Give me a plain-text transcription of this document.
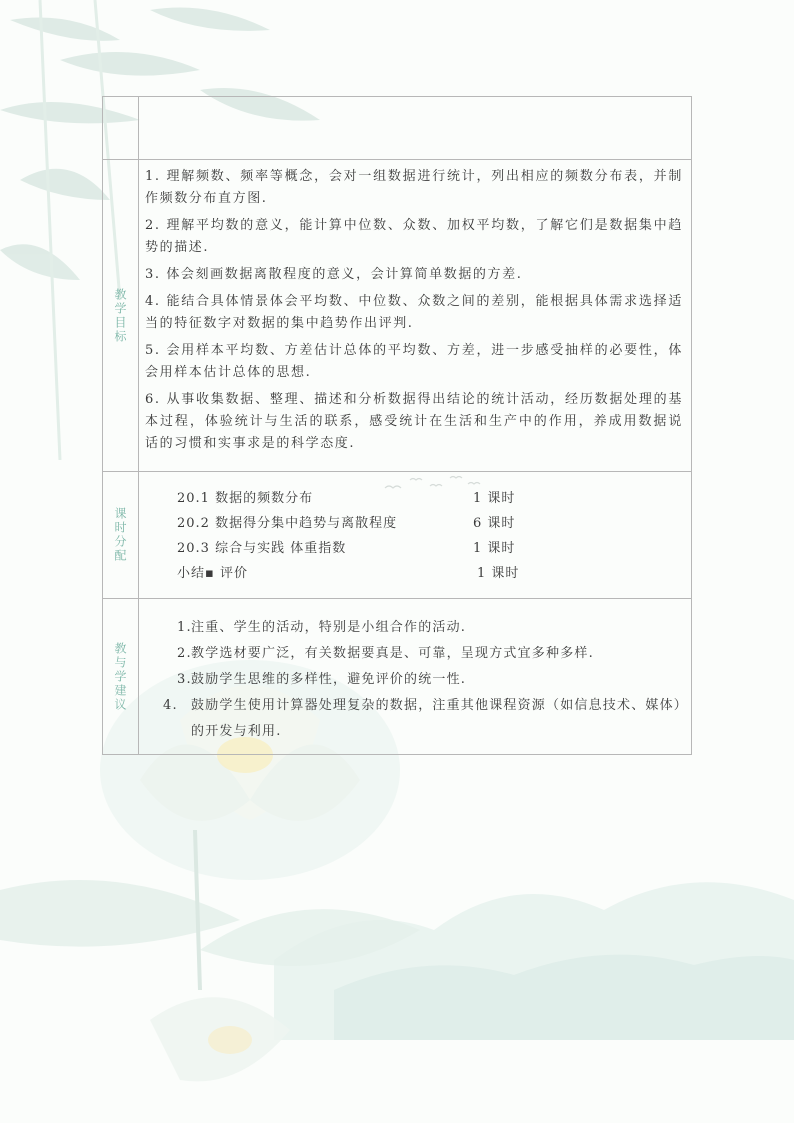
教学目标
1. 理解频数、频率等概念，会对一组数据进行统计，列出相应的频数分布表，并制作频数分布直方图.
2. 理解平均数的意义，能计算中位数、众数、加权平均数，了解它们是数据集中趋势的描述.
3. 体会刻画数据离散程度的意义，会计算简单数据的方差.
4. 能结合具体情景体会平均数、中位数、众数之间的差别，能根据具体需求选择适当的特征数字对数据的集中趋势作出评判.
5. 会用样本平均数、方差估计总体的平均数、方差，进一步感受抽样的必要性，体会用样本估计总体的思想.
6. 从事收集数据、整理、描述和分析数据得出结论的统计活动，经历数据处理的基本过程，体验统计与生活的联系，感受统计在生活和生产中的作用，养成用数据说话的习惯和实事求是的科学态度.
课时分配
20.1 数据的频数分布	1 课时
20.2 数据得分集中趋势与离散程度	6 课时
20.3 综合与实践 体重指数	1 课时
小结▪ 评价	1 课时
教与学建议
1.注重、学生的活动，特别是小组合作的活动.
2.教学选材要广泛，有关数据要真是、可靠，呈现方式宜多种多样.
3.鼓励学生思维的多样性，避免评价的统一性.
4. 鼓励学生使用计算器处理复杂的数据，注重其他课程资源（如信息技术、媒体）的开发与利用.
